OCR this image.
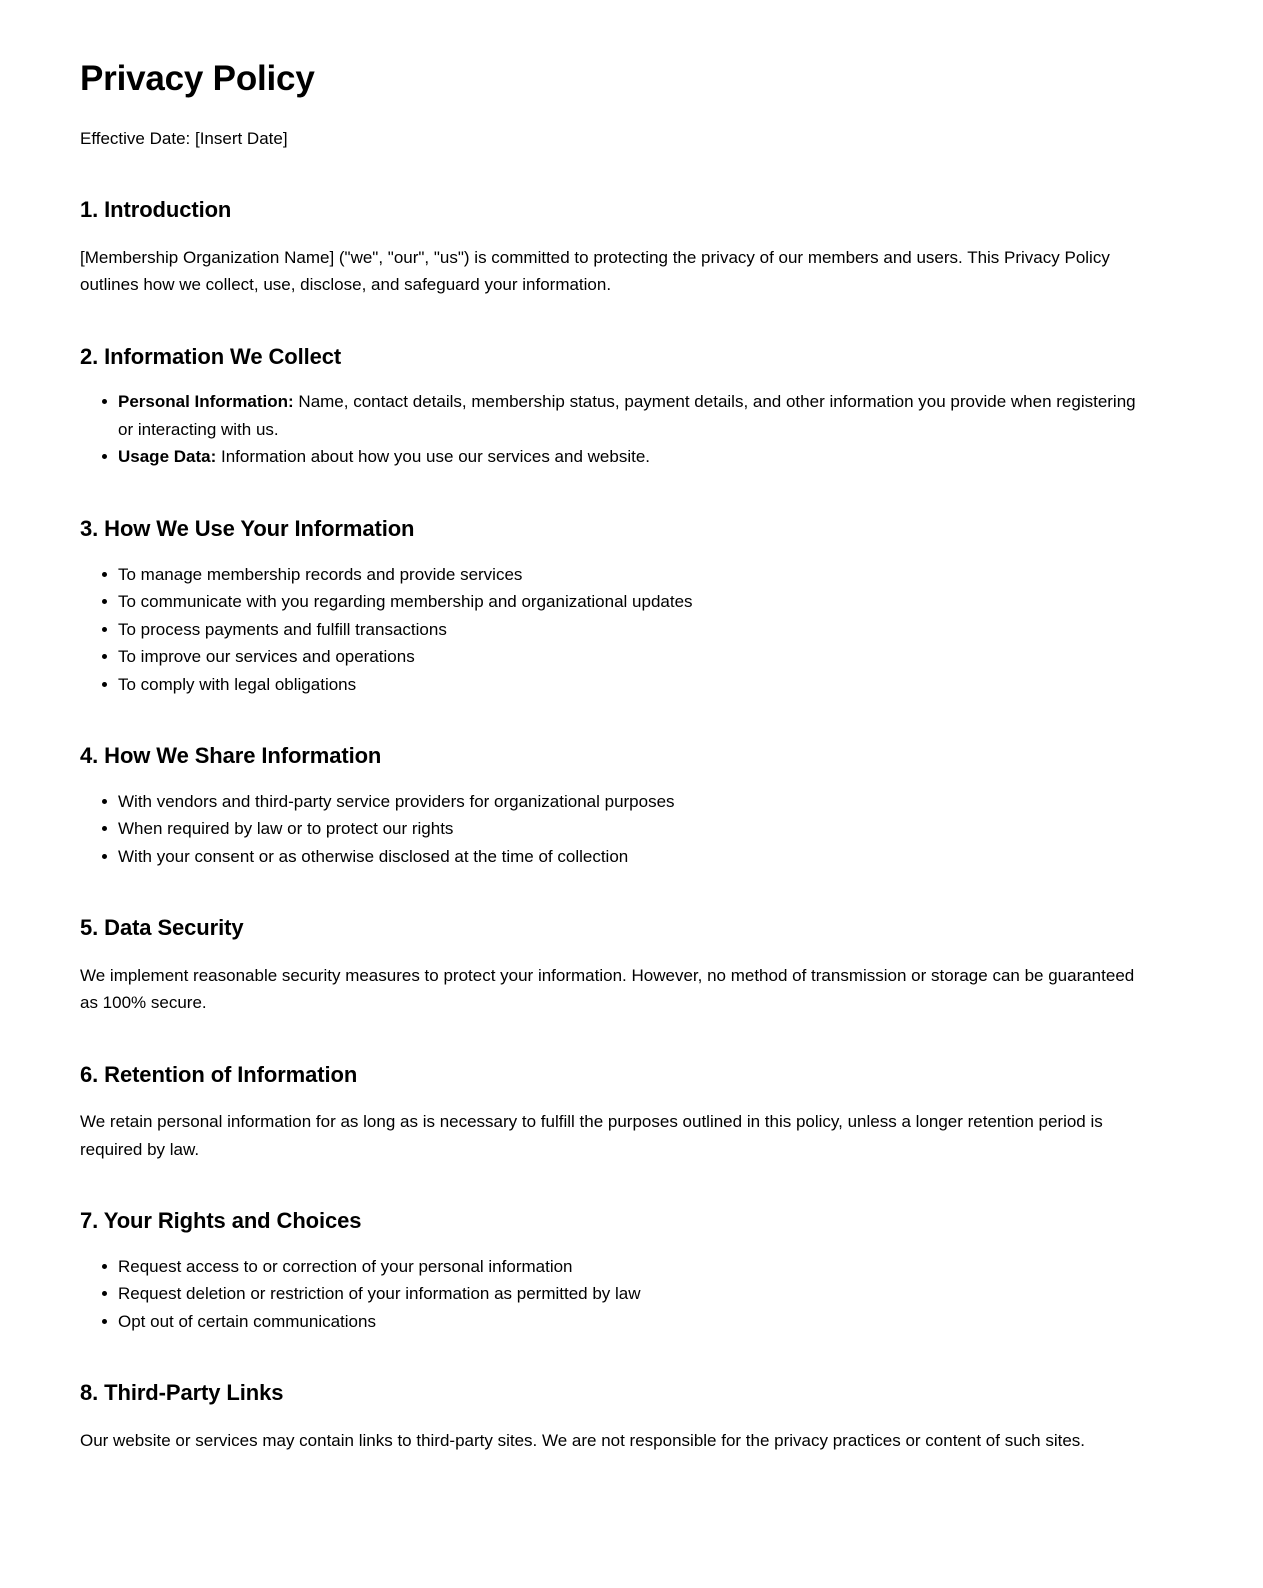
Privacy Policy
Effective Date: [Insert Date]
1. Introduction

[Membership Organization Name] ("we", "our", "us") is committed to protecting the privacy of our members and users. This Privacy Policy outlines how we collect, use, disclose, and safeguard your information.

2. Information We Collect
Personal Information: Name, contact details, membership status, payment details, and other information you provide when registering or interacting with us.
Usage Data: Information about how you use our services and website.
3. How We Use Your Information
To manage membership records and provide services
To communicate with you regarding membership and organizational updates
To process payments and fulfill transactions
To improve our services and operations
To comply with legal obligations
4. How We Share Information
With vendors and third-party service providers for organizational purposes
When required by law or to protect our rights
With your consent or as otherwise disclosed at the time of collection
5. Data Security

We implement reasonable security measures to protect your information. However, no method of transmission or storage can be guaranteed as 100% secure.

6. Retention of Information

We retain personal information for as long as is necessary to fulfill the purposes outlined in this policy, unless a longer retention period is required by law.

7. Your Rights and Choices
Request access to or correction of your personal information
Request deletion or restriction of your information as permitted by law
Opt out of certain communications
8. Third-Party Links

Our website or services may contain links to third-party sites. We are not responsible for the privacy practices or content of such sites.
